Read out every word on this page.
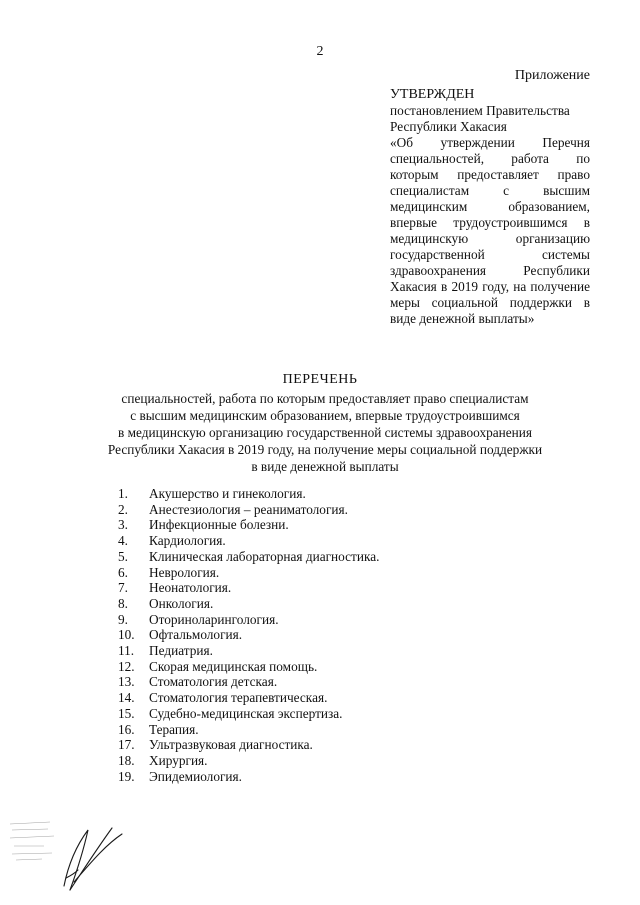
2
Приложение
УТВЕРЖДЕН
постановлением Правительства
Республики Хакасия
«Об утверждении Перечня специальностей, работа по которым предоставляет право специалистам с высшим медицинским образованием, впервые трудоустроившимся в медицинскую организацию государственной системы здравоохранения Республики Хакасия в 2019 году, на получение меры социальной поддержки в виде денежной выплаты»
ПЕРЕЧЕНЬ
специальностей, работа по которым предоставляет право специалистам
с высшим медицинским образованием, впервые трудоустроившимся
в медицинскую организацию государственной системы здравоохранения
Республики Хакасия в 2019 году, на получение меры социальной поддержки
в виде денежной выплаты
1.	Акушерство и гинекология.
2.	Анестезиология – реаниматология.
3.	Инфекционные болезни.
4.	Кардиология.
5.	Клиническая лабораторная диагностика.
6.	Неврология.
7.	Неонатология.
8.	Онкология.
9.	Оториноларингология.
10.	Офтальмология.
11.	Педиатрия.
12.	Скорая медицинская помощь.
13.	Стоматология детская.
14.	Стоматология терапевтическая.
15.	Судебно-медицинская экспертиза.
16.	Терапия.
17.	Ультразвуковая диагностика.
18.	Хирургия.
19.	Эпидемиология.
